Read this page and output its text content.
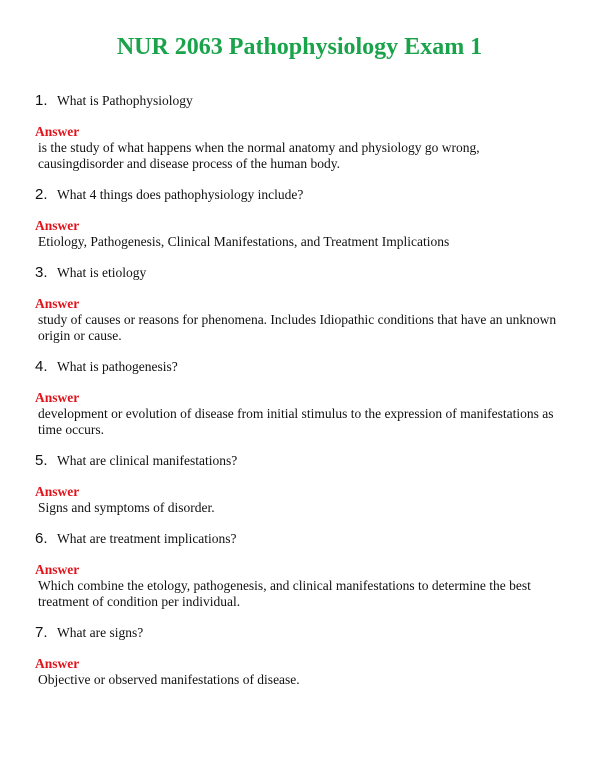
NUR 2063 Pathophysiology Exam 1
1. What is Pathophysiology
Answer
is the study of what happens when the normal anatomy and physiology go wrong, causingdisorder and disease process of the human body.
2. What 4 things does pathophysiology include?
Answer
Etiology, Pathogenesis, Clinical Manifestations, and Treatment Implications
3. What is etiology
Answer
study of causes or reasons for phenomena. Includes Idiopathic conditions that have an unknown origin or cause.
4. What is pathogenesis?
Answer
development or evolution of disease from initial stimulus to the expression of manifestations as time occurs.
5. What are clinical manifestations?
Answer
Signs and symptoms of disorder.
6. What are treatment implications?
Answer
Which combine the etology, pathogenesis, and clinical manifestations to determine the best treatment of condition per individual.
7. What are signs?
Answer
Objective or observed manifestations of disease.
